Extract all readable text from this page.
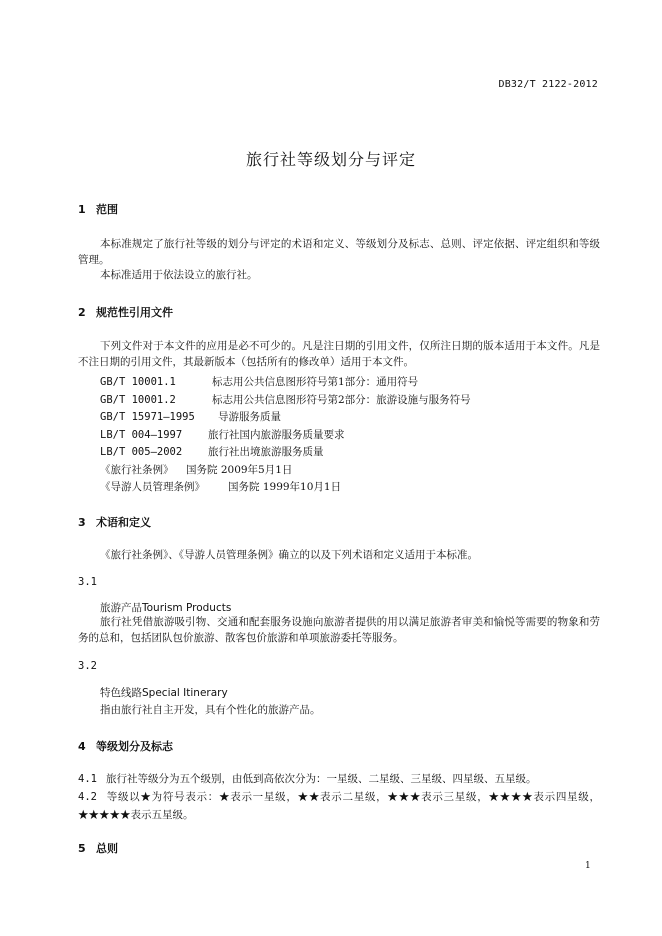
DB32/T 2122-2012
旅行社等级划分与评定
1 范围
本标准规定了旅行社等级的划分与评定的术语和定义、等级划分及标志、总则、评定依据、评定组织和等级管理。
本标准适用于依法设立的旅行社。
2 规范性引用文件
下列文件对于本文件的应用是必不可少的。凡是注日期的引用文件，仅所注日期的版本适用于本文件。凡是不注日期的引用文件，其最新版本（包括所有的修改单）适用于本文件。
GB/T 10001.1	标志用公共信息图形符号第1部分：通用符号
GB/T 10001.2	标志用公共信息图形符号第2部分：旅游设施与服务符号
GB/T 15971—1995 导游服务质量
LB/T 004—1997 旅行社国内旅游服务质量要求
LB/T 005—2002 旅行社出境旅游服务质量
《旅行社条例》 国务院 2009年5月1日
《导游人员管理条例》 国务院 1999年10月1日
3 术语和定义
《旅行社条例》、《导游人员管理条例》确立的以及下列术语和定义适用于本标准。
3.1
旅游产品Tourism Products
旅行社凭借旅游吸引物、交通和配套服务设施向旅游者提供的用以满足旅游者审美和愉悦等需要的物象和劳务的总和，包括团队包价旅游、散客包价旅游和单项旅游委托等服务。
3.2
特色线路Special Itinerary
指由旅行社自主开发，具有个性化的旅游产品。
4 等级划分及标志
4.1 旅行社等级分为五个级别，由低到高依次分为：一星级、二星级、三星级、四星级、五星级。
4.2 等级以★为符号表示：★表示一星级，★★表示二星级，★★★表示三星级，★★★★表示四星级，★★★★★表示五星级。
5 总则
1
